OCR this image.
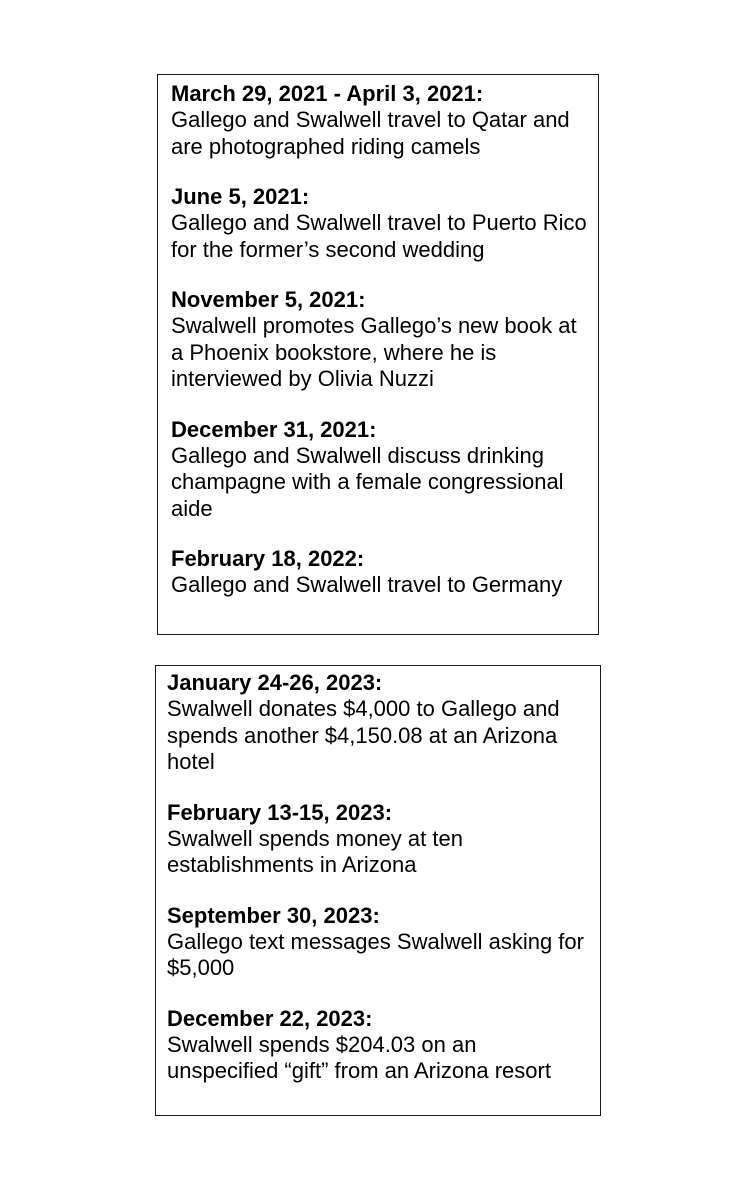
March 29, 2021 - April 3, 2021:
Gallego and Swalwell travel to Qatar and are photographed riding camels
June 5, 2021:
Gallego and Swalwell travel to Puerto Rico for the former’s second wedding
November 5, 2021:
Swalwell promotes Gallego’s new book at a Phoenix bookstore, where he is interviewed by Olivia Nuzzi
December 31, 2021:
Gallego and Swalwell discuss drinking champagne with a female congressional aide
February 18, 2022:
Gallego and Swalwell travel to Germany
January 24-26, 2023:
Swalwell donates $4,000 to Gallego and spends another $4,150.08 at an Arizona hotel
February 13-15, 2023:
Swalwell spends money at ten establishments in Arizona
September 30, 2023:
Gallego text messages Swalwell asking for $5,000
December 22, 2023:
Swalwell spends $204.03 on an unspecified “gift” from an Arizona resort
